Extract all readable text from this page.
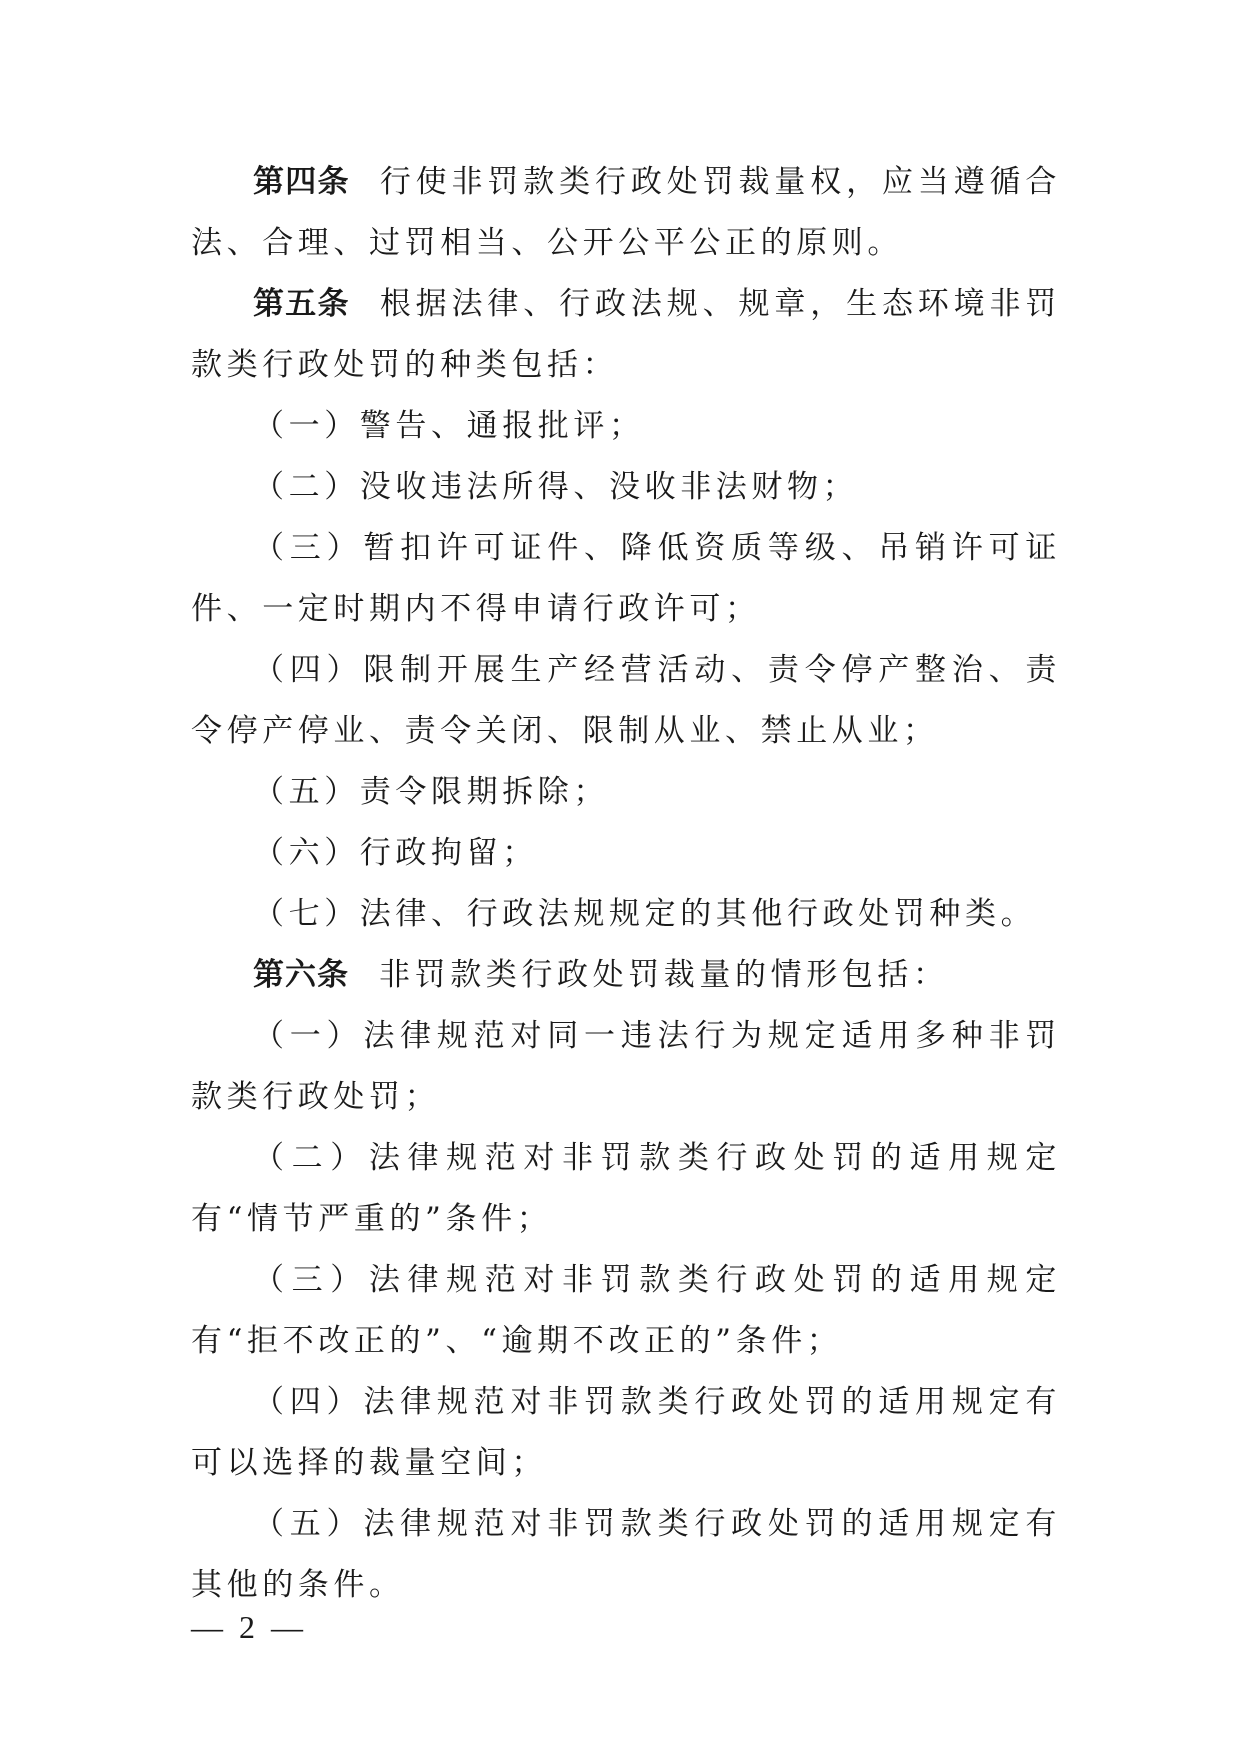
第四条 行使非罚款类行政处罚裁量权，应当遵循合法、合理、过罚相当、公开公平公正的原则。

第五条 根据法律、行政法规、规章，生态环境非罚款类行政处罚的种类包括：

（一）警告、通报批评；

（二）没收违法所得、没收非法财物；

（三）暂扣许可证件、降低资质等级、吊销许可证件、一定时期内不得申请行政许可；

（四）限制开展生产经营活动、责令停产整治、责令停产停业、责令关闭、限制从业、禁止从业；

（五）责令限期拆除；

（六）行政拘留；

（七）法律、行政法规规定的其他行政处罚种类。

第六条 非罚款类行政处罚裁量的情形包括：

（一）法律规范对同一违法行为规定适用多种非罚款类行政处罚；

（二）法律规范对非罚款类行政处罚的适用规定有“情节严重的”条件；

（三）法律规范对非罚款类行政处罚的适用规定有“拒不改正的”、“逾期不改正的”条件；

（四）法律规范对非罚款类行政处罚的适用规定有可以选择的裁量空间；

（五）法律规范对非罚款类行政处罚的适用规定有其他的条件。

— 2 —
